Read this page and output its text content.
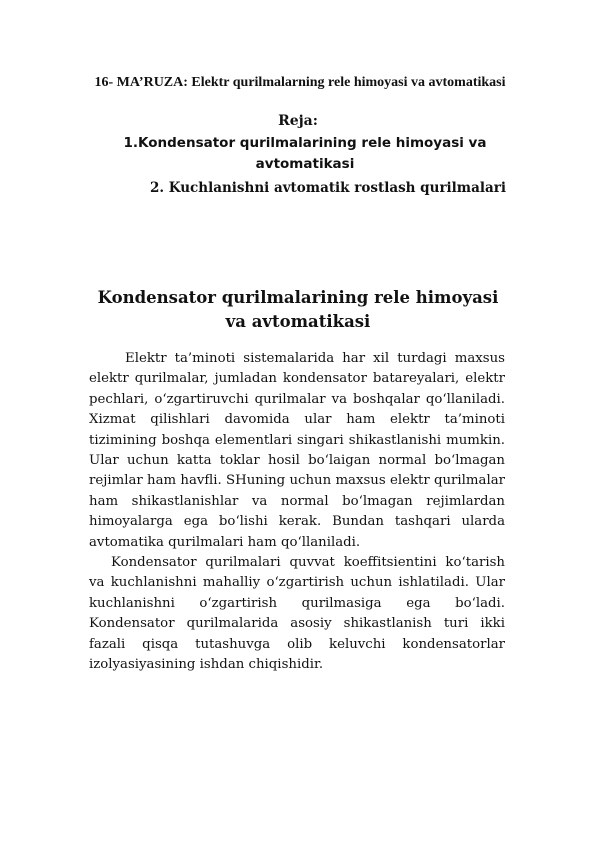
16- MA’RUZA: Elektr qurilmalarning rele himoyasi va avtomatikasi
Reja:
1.Kondensator qurilmalarining rele himoyasi va avtomatikasi
2. Kuchlanishni avtomatik rostlash qurilmalari
Kondensator qurilmalarining rele himoyasi va avtomatikasi

Elektr ta’minoti sistemalarida har xil turdagi maxsus elektr qurilmalar, jumladan kondensator batareyalari, elektr pechlari, o‘zgartiruvchi qurilmalar va boshqalar qo‘llaniladi. Xizmat qilishlari davomida ular ham elektr ta’minoti tizimining boshqa elementlari singari shikastlanishi mumkin. Ular uchun katta toklar hosil bo‘laigan normal bo‘lmagan rejimlar ham havfli. SHuning uchun maxsus elektr qurilmalar ham shikastlanishlar va normal bo‘lmagan rejimlardan himoyalarga ega bo‘lishi kerak. Bundan tashqari ularda avtomatika qurilmalari ham qo‘llaniladi.

Kondensator qurilmalari quvvat koeffitsientini ko‘tarish va kuchlanishni mahalliy o‘zgartirish uchun ishlatiladi. Ular kuchlanishni o‘zgartirish qurilmasiga ega bo‘ladi. Kondensator qurilmalarida asosiy shikastlanish turi ikki fazali qisqa tutashuvga olib keluvchi kondensatorlar izolyasiyasining ishdan chiqishidir.
